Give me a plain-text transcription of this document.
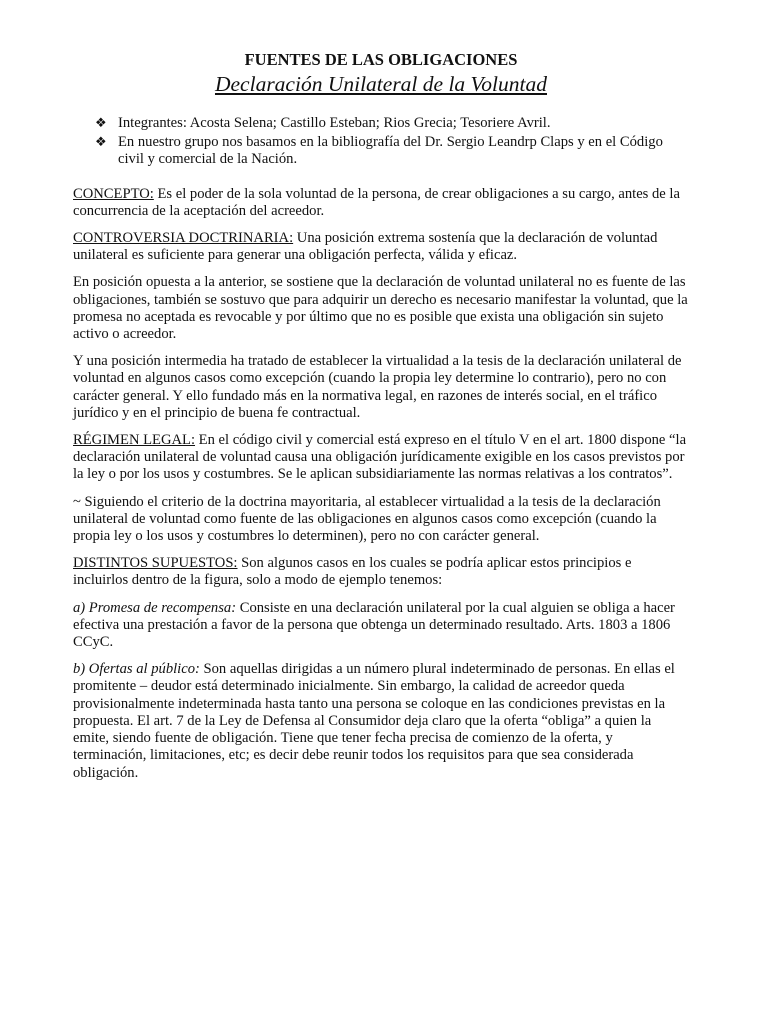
FUENTES DE LAS OBLIGACIONES
Declaración Unilateral de la Voluntad
❖ Integrantes: Acosta Selena; Castillo Esteban; Rios Grecia; Tesoriere Avril.
❖ En nuestro grupo nos basamos en la bibliografía del Dr. Sergio Leandrp Claps y en el Código civil y comercial de la Nación.

CONCEPTO: Es el poder de la sola voluntad de la persona, de crear obligaciones a su cargo, antes de la concurrencia de la aceptación del acreedor.

CONTROVERSIA DOCTRINARIA: Una posición extrema sostenía que la declaración de voluntad unilateral es suficiente para generar una obligación perfecta, válida y eficaz.

En posición opuesta a la anterior, se sostiene que la declaración de voluntad unilateral no es fuente de las obligaciones, también se sostuvo que para adquirir un derecho es necesario manifestar la voluntad, que la promesa no aceptada es revocable y por último que no es posible que exista una obligación sin sujeto activo o acreedor.

Y una posición intermedia ha tratado de establecer la virtualidad a la tesis de la declaración unilateral de voluntad en algunos casos como excepción (cuando la propia ley determine lo contrario), pero no con carácter general. Y ello fundado más en la normativa legal, en razones de interés social, en el tráfico jurídico y en el principio de buena fe contractual.

RÉGIMEN LEGAL: En el código civil y comercial está expreso en el título V en el art. 1800 dispone “la declaración unilateral de voluntad causa una obligación jurídicamente exigible en los casos previstos por la ley o por los usos y costumbres. Se le aplican subsidiariamente las normas relativas a los contratos”.

~ Siguiendo el criterio de la doctrina mayoritaria, al establecer virtualidad a la tesis de la declaración unilateral de voluntad como fuente de las obligaciones en algunos casos como excepción (cuando la propia ley o los usos y costumbres lo determinen), pero no con carácter general.

DISTINTOS SUPUESTOS: Son algunos casos en los cuales se podría aplicar estos principios e incluirlos dentro de la figura, solo a modo de ejemplo tenemos:

a) Promesa de recompensa: Consiste en una declaración unilateral por la cual alguien se obliga a hacer efectiva una prestación a favor de la persona que obtenga un determinado resultado. Arts. 1803 a 1806 CCyC.

b) Ofertas al público: Son aquellas dirigidas a un número plural indeterminado de personas. En ellas el promitente – deudor está determinado inicialmente. Sin embargo, la calidad de acreedor queda provisionalmente indeterminada hasta tanto una persona se coloque en las condiciones previstas en la propuesta. El art. 7 de la Ley de Defensa al Consumidor deja claro que la oferta “obliga” a quien la emite, siendo fuente de obligación. Tiene que tener fecha precisa de comienzo de la oferta, y terminación, limitaciones, etc; es decir debe reunir todos los requisitos para que sea considerada obligación.
